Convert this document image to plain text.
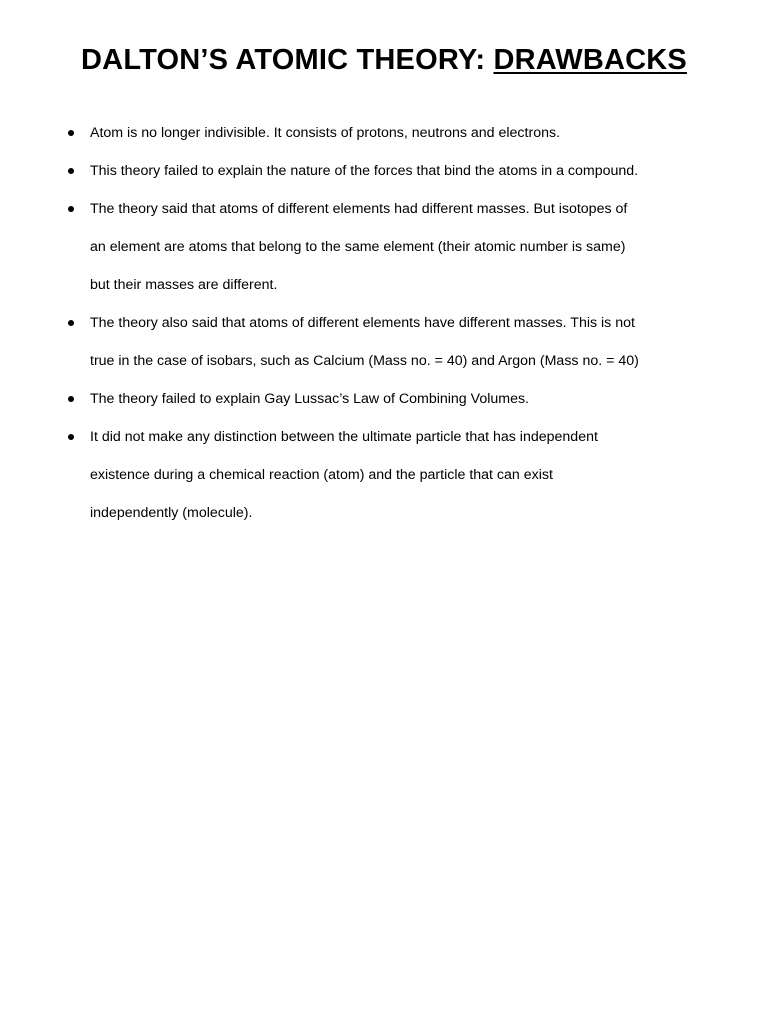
DALTON’S ATOMIC THEORY: DRAWBACKS
Atom is no longer indivisible. It consists of protons, neutrons and electrons.
This theory failed to explain the nature of the forces that bind the atoms in a compound.
The theory said that atoms of different elements had different masses. But isotopes of
an element are atoms that belong to the same element (their atomic number is same)
but their masses are different.
The theory also said that atoms of different elements have different masses. This is not
true in the case of isobars, such as Calcium (Mass no. = 40) and Argon (Mass no. = 40)
The theory failed to explain Gay Lussac’s Law of Combining Volumes.
It did not make any distinction between the ultimate particle that has independent
existence during a chemical reaction (atom) and the particle that can exist
independently (molecule).
